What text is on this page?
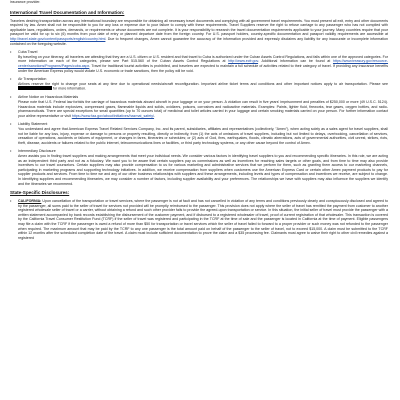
insurance provider.

International Travel Documentation and Information:

Travelers desiring transportation across any international boundary are responsible for obtaining all necessary travel documents and complying with all government travel requirements. You must present all exit, entry and other documents required by law. Amex shall not be responsible to you for any loss or expense due to your failure to comply with these requirements. Travel Suppliers reserve the right to refuse carriage to any passenger who has not complied with applicable laws, regulations, orders, demands, or requirements or whose documents are not complete. It is your responsibility to research the travel documentation requirements applicable to your journey. Many countries require that your passport be valid for up to six (6) months from your date of entry or planned departure date from the foreign country. For U.S. passport holders, country-specific documentation and passport validity requirements are accessible at http://travel.state.gov/content/passports/english/country.html. Due to frequent changes, Amex cannot guarantee the accuracy of the information provided and expressly disclaims any liability for any inaccurate or incomplete information contained on the foregoing website.

•	Cuba Travel
By traveling on your itinerary, all travelers are attesting that they are a U.S. citizen or U.S. resident and that travel to Cuba is authorized under the Cuban Assets Control Regulations, and falls within one of the approved categories. For more information on each of the categories, please see Part 515.560 of the Cuban Assets Control Regulations at http://www.ecfr.gov. Additional information can be found at https://www.treasury.gov/resource-center/sanctions/Programs/Pages/cuba.aspx. Travel for traditional tourist activities is prohibited, and travelers are expected to maintain a full schedule of activities related to their category of travel. If providing any insurance benefits under the American Express policy would violate U.S. economic or trade sanctions, then the policy will be void.
•	Air Transportation
Airlines reserve the right to change your seats at any time due to operational needs/aircraft reconfiguration. Important airline ticket terms and conditions and other important notices apply to air transportation. Please see  for more information.
•	Airline Notice on Hazardous Materials
Please note that U.S. Federal law forbids the carriage of hazardous materials aboard aircraft in your luggage or on your person. A violation can result in five years' imprisonment and penalties of $250,000 or more (49 U.S.C. 5124). Hazardous materials include explosives, compressed gases, flammable liquids and solids, oxidizers, poisons, corrosives and radioactive materials. Examples: Paints, lighter fluid, fireworks, tear gases, oxygen bottles, and radio-pharmaceuticals. There are special exceptions for small quantities (up to 70 ounces total) of medicinal and toilet articles carried in your luggage and certain smoking materials carried on your person. For further information contact your airline representative or visit https://www.faa.gov/about/initiatives/hazmat_safety/.
•	Liability Statement
You understand and agree that American Express Travel Related Services Company, Inc. and its parent, subsidiaries, affiliates and representatives (collectively, "Amex"), when acting solely as a sales agent for travel suppliers, shall not be liable for any loss, injury, expense or damage to persons or property resulting, directly or indirectly, from (1) the acts of omissions of travel suppliers, including but not limited to delays, overbooking, cancellation of services, cessation of operations, accidents or failures of equipment, or changes in fares, itineraries or schedules; or (2) acts of God, fires, earthquakes, floods, climatic aberrations, acts of governmental authorities, civil unrest, strikes, riots, theft, disease, accidents or failures related to the public internet, telecommunications lines or facilities, or third party technology systems, or any other cause beyond the control of Amex.
•	Intermediary Disclosure
Amex assists you in finding travel suppliers and making arrangements that meet your individual needs. We consider various factors in identifying travel suppliers to you and recommending specific itineraries. In this role, we are acting as an independent third party and not as a fiduciary. We want you to be aware that certain suppliers pay us commissions as well as incentives for reaching sales targets or other goals, and from time to time may also provide incentives to our travel counselors. Certain suppliers may also provide compensation to us for various marketing and administrative services that we perform for them, such as granting them access to our marketing channels, participating in marketing programs and supporting technology initiatives. In addition, we receive compensation from suppliers when customers use the American Express Card or certain other Amex payment products to pay for supplier products and services. From time to time we and any of our other business relationships with suppliers and these arrangements, including levels and types of compensation and incentives we receive, are subject to change. In identifying suppliers and recommending itineraries, we may consider a number of factors, including supplier availability and your preferences. The relationships we have with suppliers may also influence the suppliers we identify and the itineraries we recommend.
State-Specific Disclosures:
•	CALIFORNIA: Upon cancellation of the transportation or travel services, where the passenger is not at fault and has not cancelled in violation of any terms and conditions previously clearly and conspicuously disclosed and agreed to by the passenger, all sums paid to the seller of travel for services not provided will be promptly reimbursed to the passenger. This provision does not apply where the seller of travel has remitted the payment from customer to another registered wholesale seller of travel or a carrier, without obtaining a refund and such other provider fails to provide the agreed-upon transportation or service. In this situation, the initial seller of travel must provide the passenger with a written statement accompanied by bank records establishing the disbursement of the customer payment, and if disbursed to a registered wholesaler of travel, proof of current registration of that wholesaler. This transaction is covered by the California Travel Consumer Restitution Fund (TCRF) if the seller of travel was registered and participating in the TCRF at the time of sale and the passenger is located in California at the time of payment. Eligible passengers may file a claim with the TCRF if the passenger is owed a refund of more than $50 for transportation or travel services which the seller of travel failed to forward to a proper provider or such money was not refunded to the passenger when required. The maximum amount that may be paid by the TCRF to any one passenger is the total amount paid on behalf of the passenger to the seller of travel, not to exceed $15,000. A claim must be submitted to the TCRF within 12 months after the scheduled completion date of the travel. A claim must include sufficient documentation to prove the claim and a $35 processing fee. Claimants must agree to waive their right to other civil remedies against a registered
